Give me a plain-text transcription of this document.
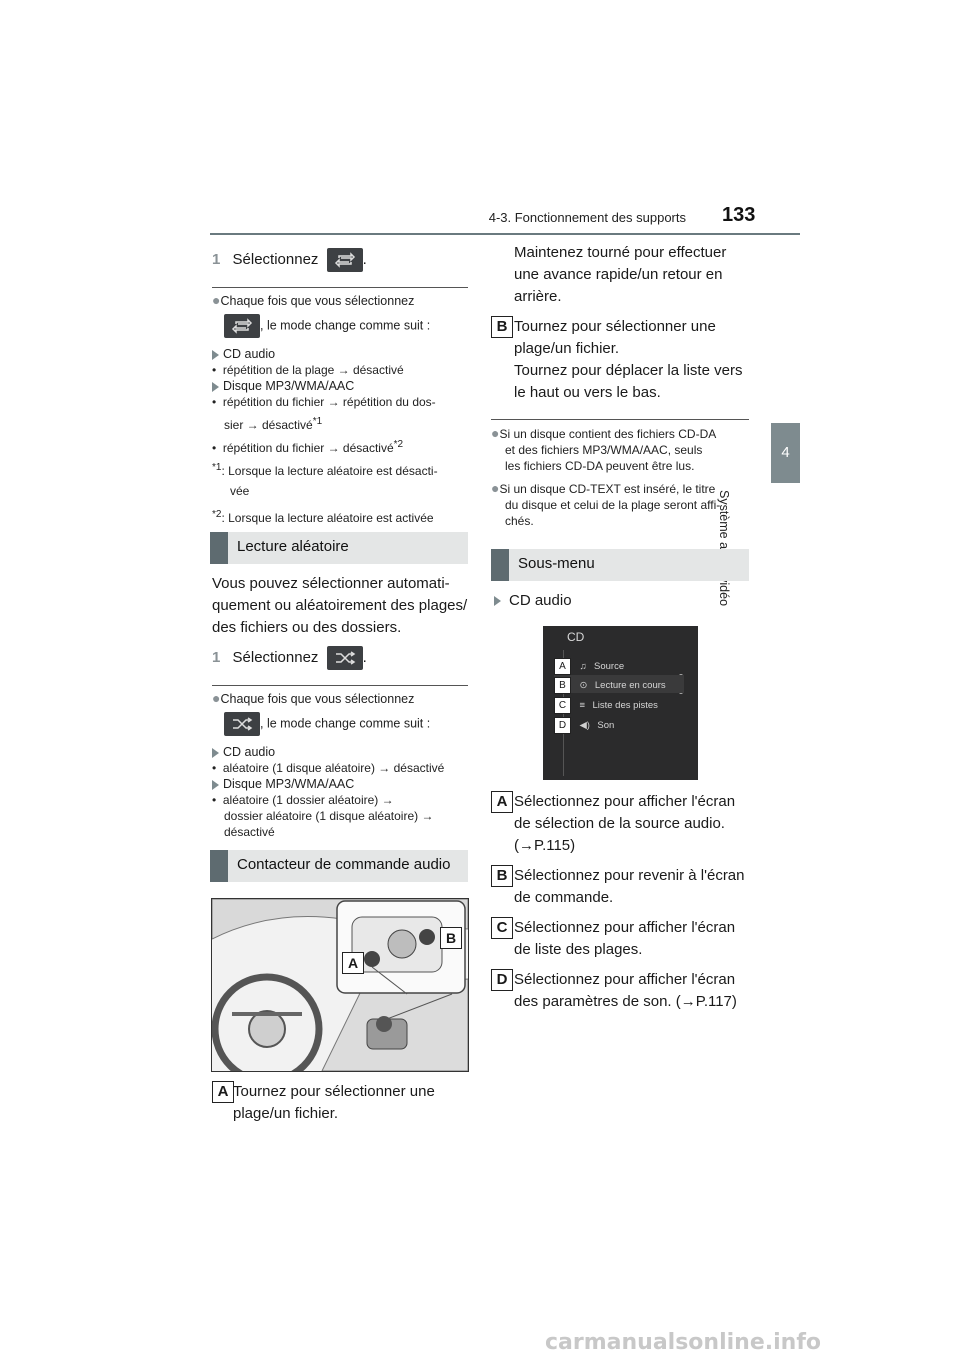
4-3. Fonctionnement des supports 133
4
1 Sélectionnez	.
●Chaque fois que vous sélectionnez
, le mode change comme suit :
CD audio
•  répétition de la plage → désactivé
Disque MP3/WMA/AAC
•  répétition du fichier → répétition du dos-
sier → désactivé$^{*1}$
•  répétition du fichier → désactivé$^{*2}$
$^{*1}$: Lorsque la lecture aléatoire est désacti-
vée
$^{*2}$: Lorsque la lecture aléatoire est activée
Lecture aléatoire
Vous pouvez sélectionner automati-
quement ou aléatoirement des plages/
des fichiers ou des dossiers.
1 Sélectionnez	.
●Chaque fois que vous sélectionnez
, le mode change comme suit :
CD audio
•  aléatoire (1 disque aléatoire) → désactivé
Disque MP3/WMA/AAC
•  aléatoire (1 dossier aléatoire) →
dossier aléatoire (1 disque aléatoire) →
désactivé
Contacteur de commande audio
A
B
A Tournez pour sélectionner une
plage/un fichier.
Maintenez tourné pour effectuer
une avance rapide/un retour en
arrière.
B Tournez pour sélectionner une
plage/un fichier.
Tournez pour déplacer la liste vers
le haut ou vers le bas.
●Si un disque contient des fichiers CD-DA
et des fichiers MP3/WMA/AAC, seuls
les fichiers CD-DA peuvent être lus.
●Si un disque CD-TEXT est inséré, le titre
du disque et celui de la plage seront affi-
chés.
Sous-menu
CD audio
CD
A ♫ Source
B ⊙ Lecture en cours
C ≡ Liste des pistes
D ◀) Son
A Sélectionnez pour afficher l'écran
de sélection de la source audio.
(→P.115)
B Sélectionnez pour revenir à l'écran
de commande.
C Sélectionnez pour afficher l'écran
de liste des plages.
D Sélectionnez pour afficher l'écran
des paramètres de son. (→P.117)
carmanualsonline.info
